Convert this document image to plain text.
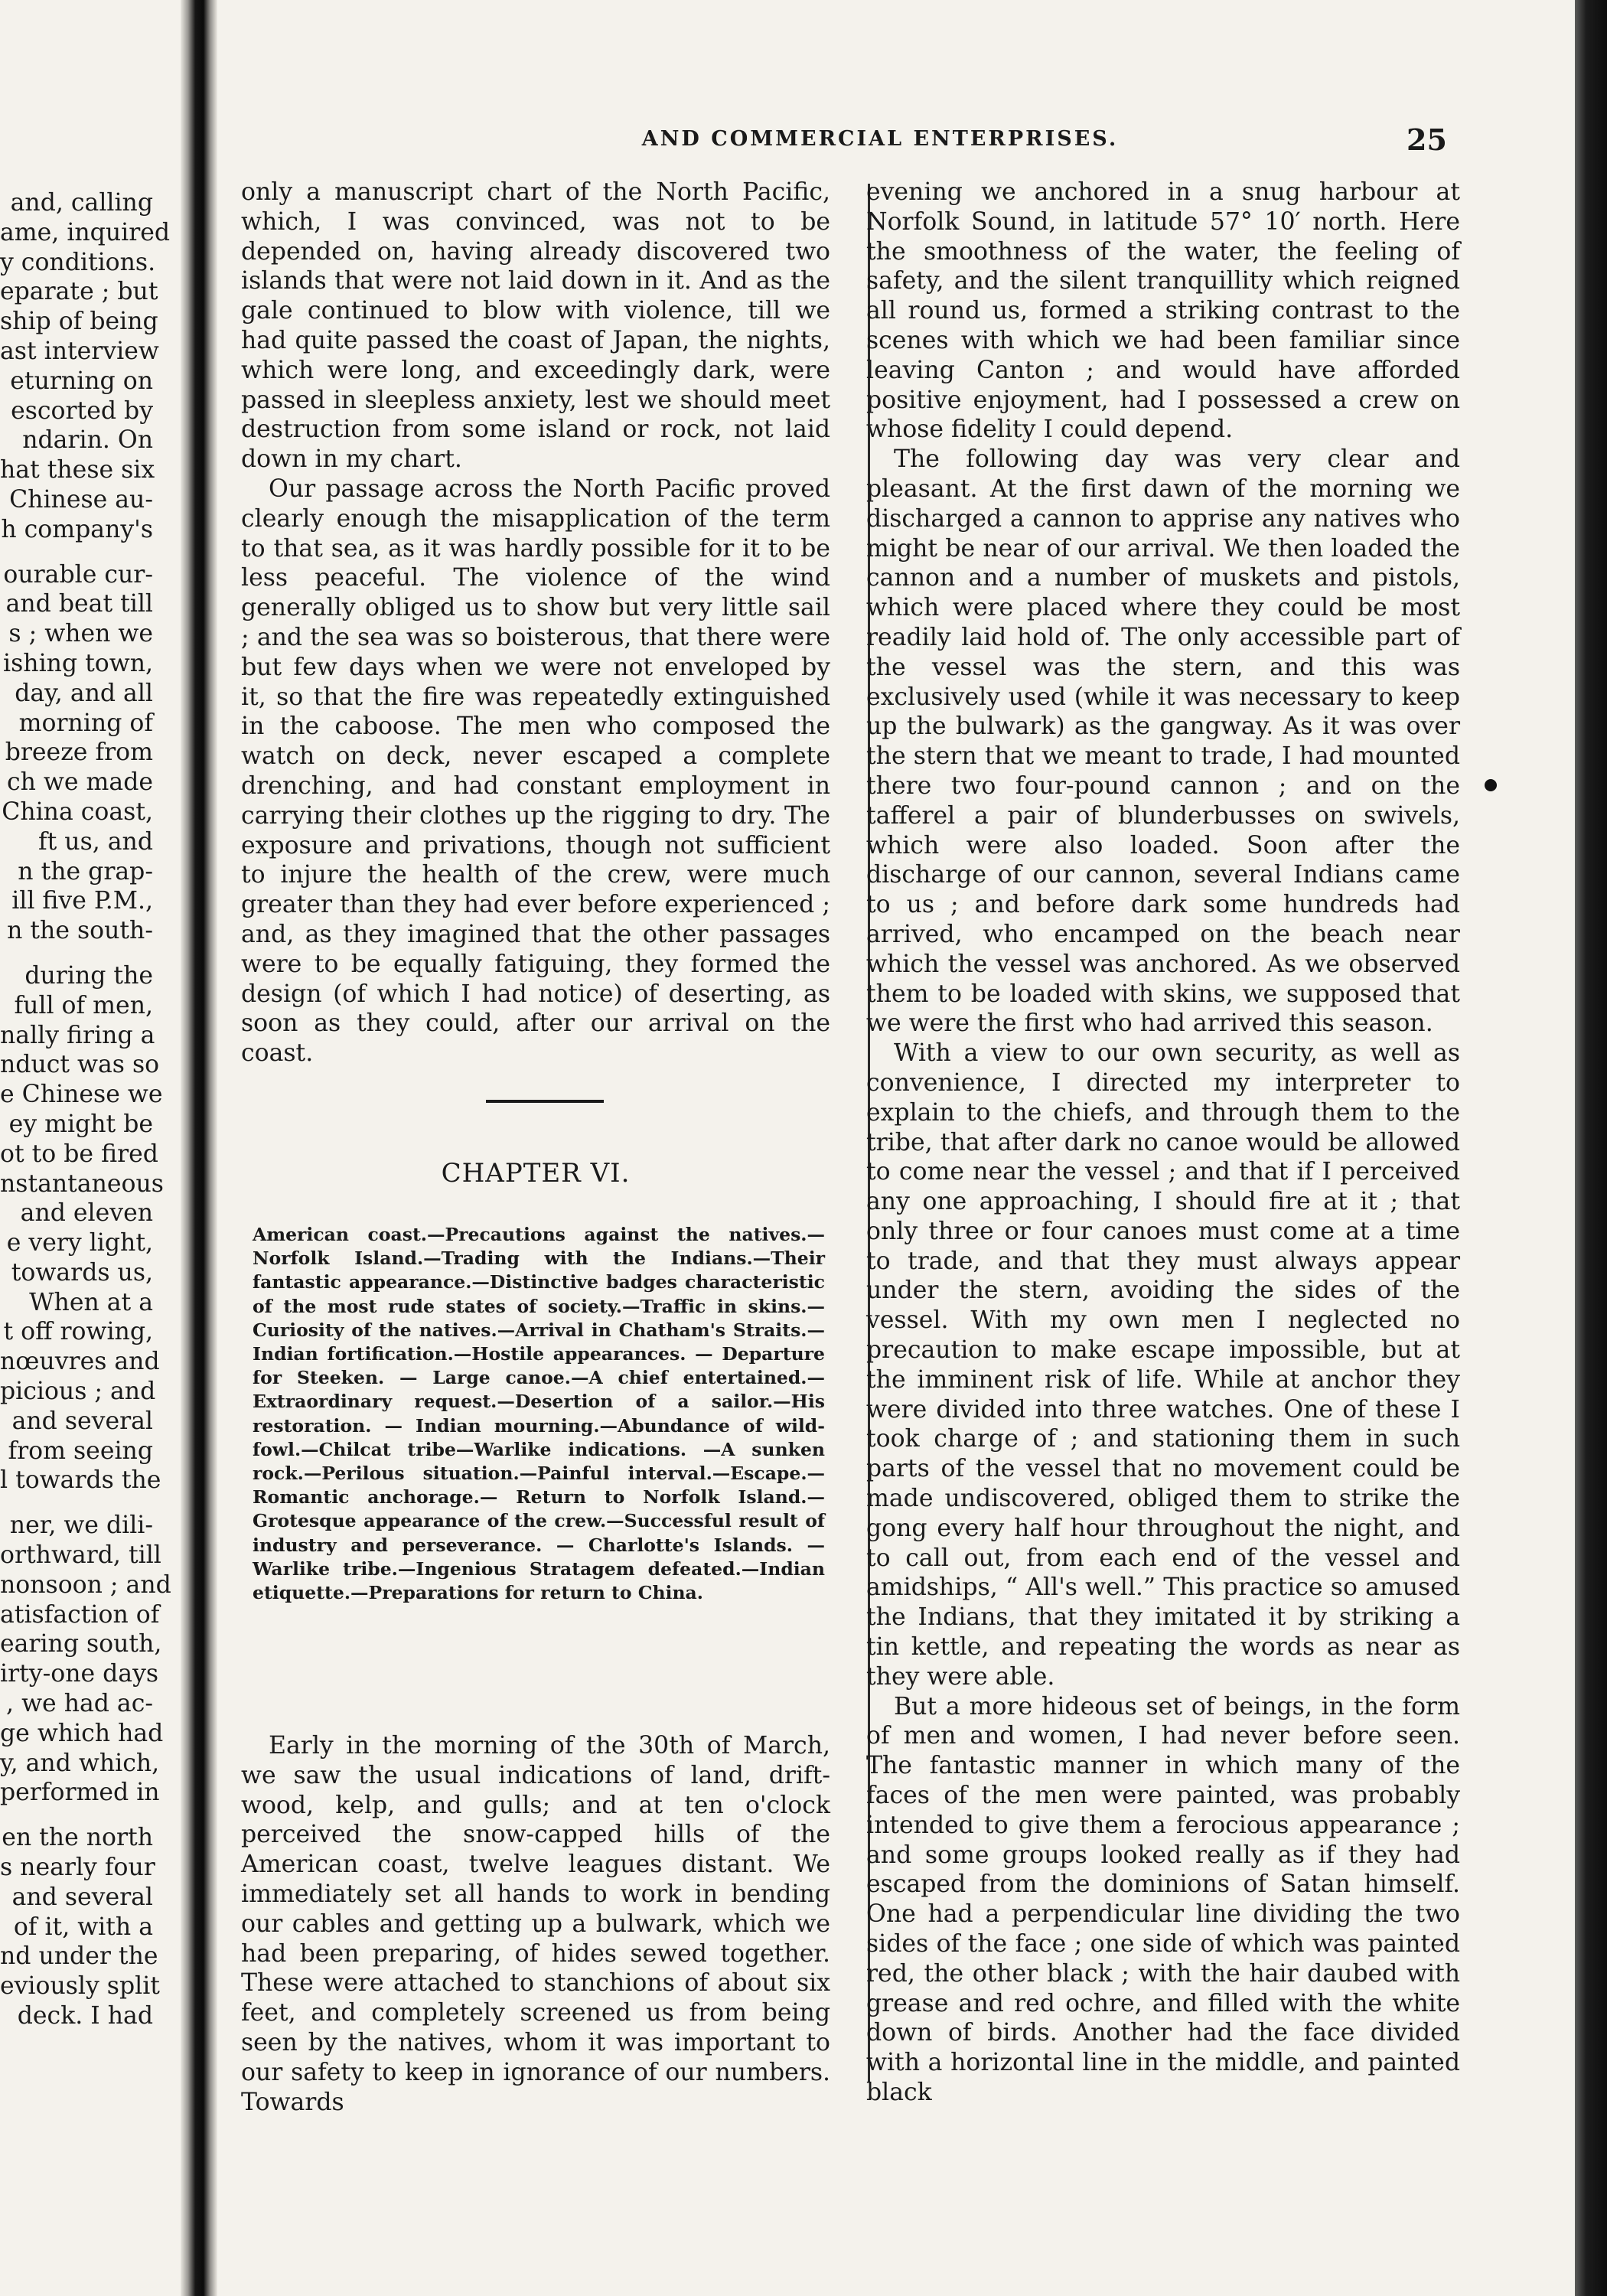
and, calling
ame, inquired
y conditions.
eparate ; but
ship of being
ast interview
eturning on
escorted by
ndarin. On
hat these six
Chinese au-
h company's
ourable cur-
and beat till
s ; when we
ishing town,
day, and all
morning of
breeze from
ch we made
China coast,
ft us, and
n the grap-
ill five P.M.,
n the south-
during the
full of men,
nally firing a
nduct was so
e Chinese we
ey might be
ot to be fired
nstantaneous
and eleven
e very light,
towards us,
When at a
t off rowing,
nœuvres and
picious ; and
and several
from seeing
l towards the
ner, we dili-
orthward, till
nonsoon ; and
atisfaction of
earing south,
irty-one days
, we had ac-
ge which had
y, and which,
performed in
en the north
s nearly four
and several
of it, with a
nd under the
eviously split
deck. I had
AND COMMERCIAL ENTERPRISES.	25

only a manuscript chart of the North Pacific, which, I was convinced, was not to be depended on, having already discovered two islands that were not laid down in it. And as the gale continued to blow with violence, till we had quite passed the coast of Japan, the nights, which were long, and exceedingly dark, were passed in sleepless anxiety, lest we should meet destruction from some island or rock, not laid down in my chart.

Our passage across the North Pacific proved clearly enough the misapplication of the term to that sea, as it was hardly possible for it to be less peaceful. The violence of the wind generally obliged us to show but very little sail ; and the sea was so boisterous, that there were but few days when we were not enveloped by it, so that the fire was repeatedly extinguished in the caboose. The men who composed the watch on deck, never escaped a complete drenching, and had constant employment in carrying their clothes up the rigging to dry. The exposure and privations, though not sufficient to injure the health of the crew, were much greater than they had ever before experienced ; and, as they imagined that the other passages were to be equally fatiguing, they formed the design (of which I had notice) of deserting, as soon as they could, after our arrival on the coast.

CHAPTER VI.
American coast.—Precautions against the natives.—Norfolk Island.—Trading with the Indians.—Their fantastic appearance.—Distinctive badges characteristic of the most rude states of society.—Traffic in skins.—Curiosity of the natives.—Arrival in Chatham's Straits.—Indian fortification.—Hostile appearances. — Departure for Steeken. — Large canoe.—A chief entertained.—Extraordinary request.—Desertion of a sailor.—His restoration. — Indian mourning.—Abundance of wild-fowl.—Chilcat tribe—Warlike indications. —A sunken rock.—Perilous situation.—Painful interval.—Escape.— Romantic anchorage.— Return to Norfolk Island.—Grotesque appearance of the crew.—Successful result of industry and perseverance. — Charlotte's Islands. — Warlike tribe.—Ingenious Stratagem defeated.—Indian etiquette.—Preparations for return to China.

Early in the morning of the 30th of March, we saw the usual indications of land, drift-wood, kelp, and gulls; and at ten o'clock perceived the snow-capped hills of the American coast, twelve leagues distant. We immediately set all hands to work in bending our cables and getting up a bulwark, which we had been preparing, of hides sewed together. These were attached to stanchions of about six feet, and completely screened us from being seen by the natives, whom it was important to our safety to keep in ignorance of our numbers. Towards

evening we anchored in a snug harbour at Norfolk Sound, in latitude 57° 10′ north. Here the smoothness of the water, the feeling of safety, and the silent tranquillity which reigned all round us, formed a striking contrast to the scenes with which we had been familiar since leaving Canton ; and would have afforded positive enjoyment, had I possessed a crew on whose fidelity I could depend.

The following day was very clear and pleasant. At the first dawn of the morning we discharged a cannon to apprise any natives who might be near of our arrival. We then loaded the cannon and a number of muskets and pistols, which were placed where they could be most readily laid hold of. The only accessible part of the vessel was the stern, and this was exclusively used (while it was necessary to keep up the bulwark) as the gangway. As it was over the stern that we meant to trade, I had mounted there two four-pound cannon ; and on the tafferel a pair of blunderbusses on swivels, which were also loaded. Soon after the discharge of our cannon, several Indians came to us ; and before dark some hundreds had arrived, who encamped on the beach near which the vessel was anchored. As we observed them to be loaded with skins, we supposed that we were the first who had arrived this season.

With a view to our own security, as well as convenience, I directed my interpreter to explain to the chiefs, and through them to the tribe, that after dark no canoe would be allowed to come near the vessel ; and that if I perceived any one approaching, I should fire at it ; that only three or four canoes must come at a time to trade, and that they must always appear under the stern, avoiding the sides of the vessel. With my own men I neglected no precaution to make escape impossible, but at the imminent risk of life. While at anchor they were divided into three watches. One of these I took charge of ; and stationing them in such parts of the vessel that no movement could be made undiscovered, obliged them to strike the gong every half hour throughout the night, and to call out, from each end of the vessel and amidships, “ All's well.” This practice so amused the Indians, that they imitated it by striking a tin kettle, and repeating the words as near as they were able.

But a more hideous set of beings, in the form of men and women, I had never before seen. The fantastic manner in which many of the faces of the men were painted, was probably intended to give them a ferocious appearance ; and some groups looked really as if they had escaped from the dominions of Satan himself. One had a perpendicular line dividing the two sides of the face ; one side of which was painted red, the other black ; with the hair daubed with grease and red ochre, and filled with the white down of birds. Another had the face divided with a horizontal line in the middle, and painted black
